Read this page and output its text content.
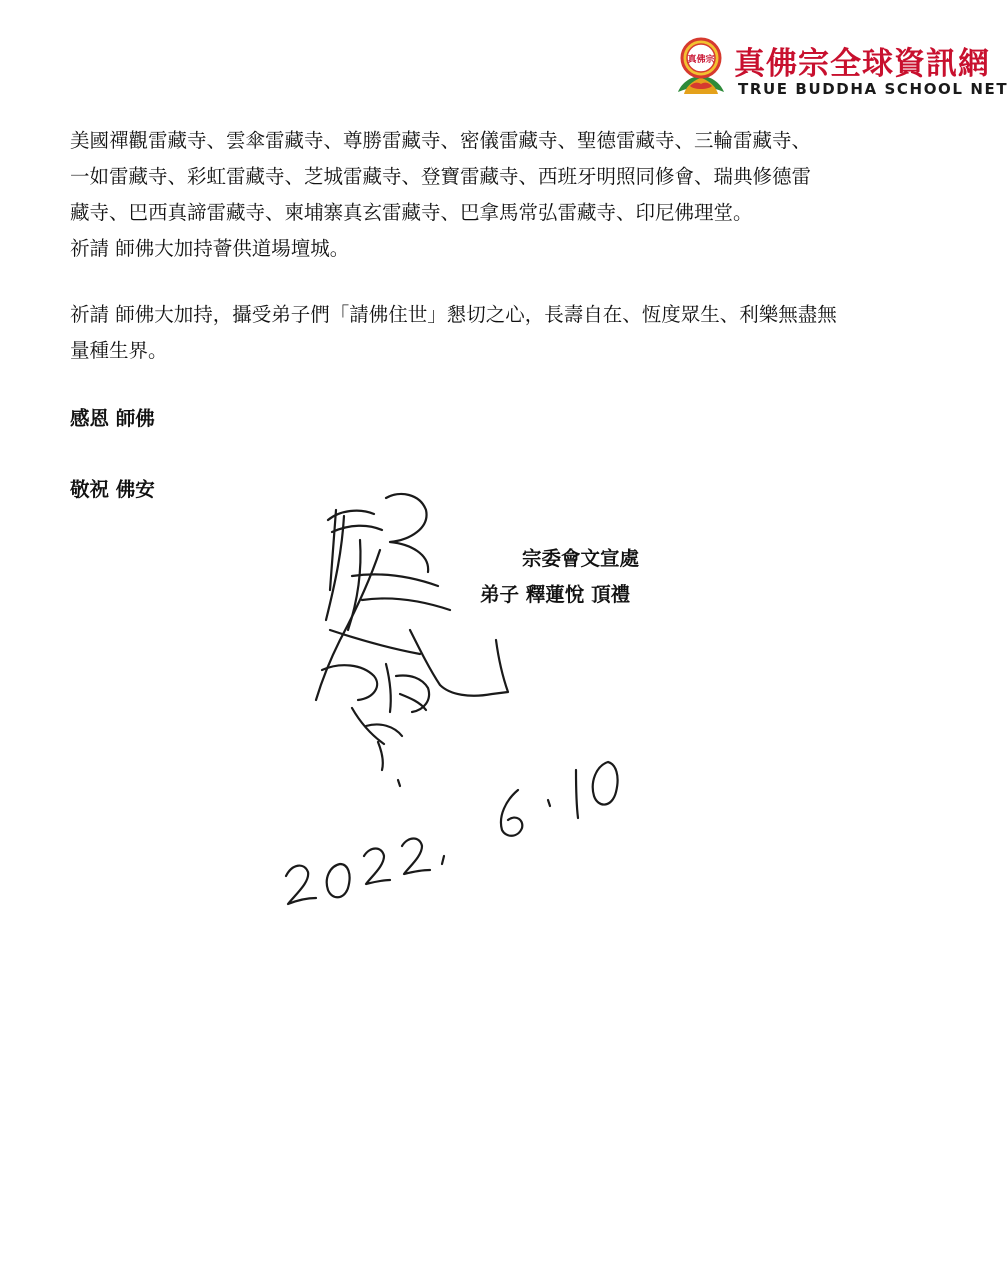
真佛宗 真佛宗全球資訊網
TRUE BUDDHA SCHOOL NET
美國禪觀雷藏寺、雲傘雷藏寺、尊勝雷藏寺、密儀雷藏寺、聖德雷藏寺、三輪雷藏寺、
一如雷藏寺、彩虹雷藏寺、芝城雷藏寺、登寶雷藏寺、西班牙明照同修會、瑞典修德雷
藏寺、巴西真諦雷藏寺、柬埔寨真玄雷藏寺、巴拿馬常弘雷藏寺、印尼佛理堂。
祈請 師佛大加持薈供道場壇城。
祈請 師佛大加持，攝受弟子們「請佛住世」懇切之心，長壽自在、恆度眾生、利樂無盡無
量種生界。
感恩 師佛
敬祝 佛安
宗委會文宣處
弟子 釋蓮悅 頂禮
